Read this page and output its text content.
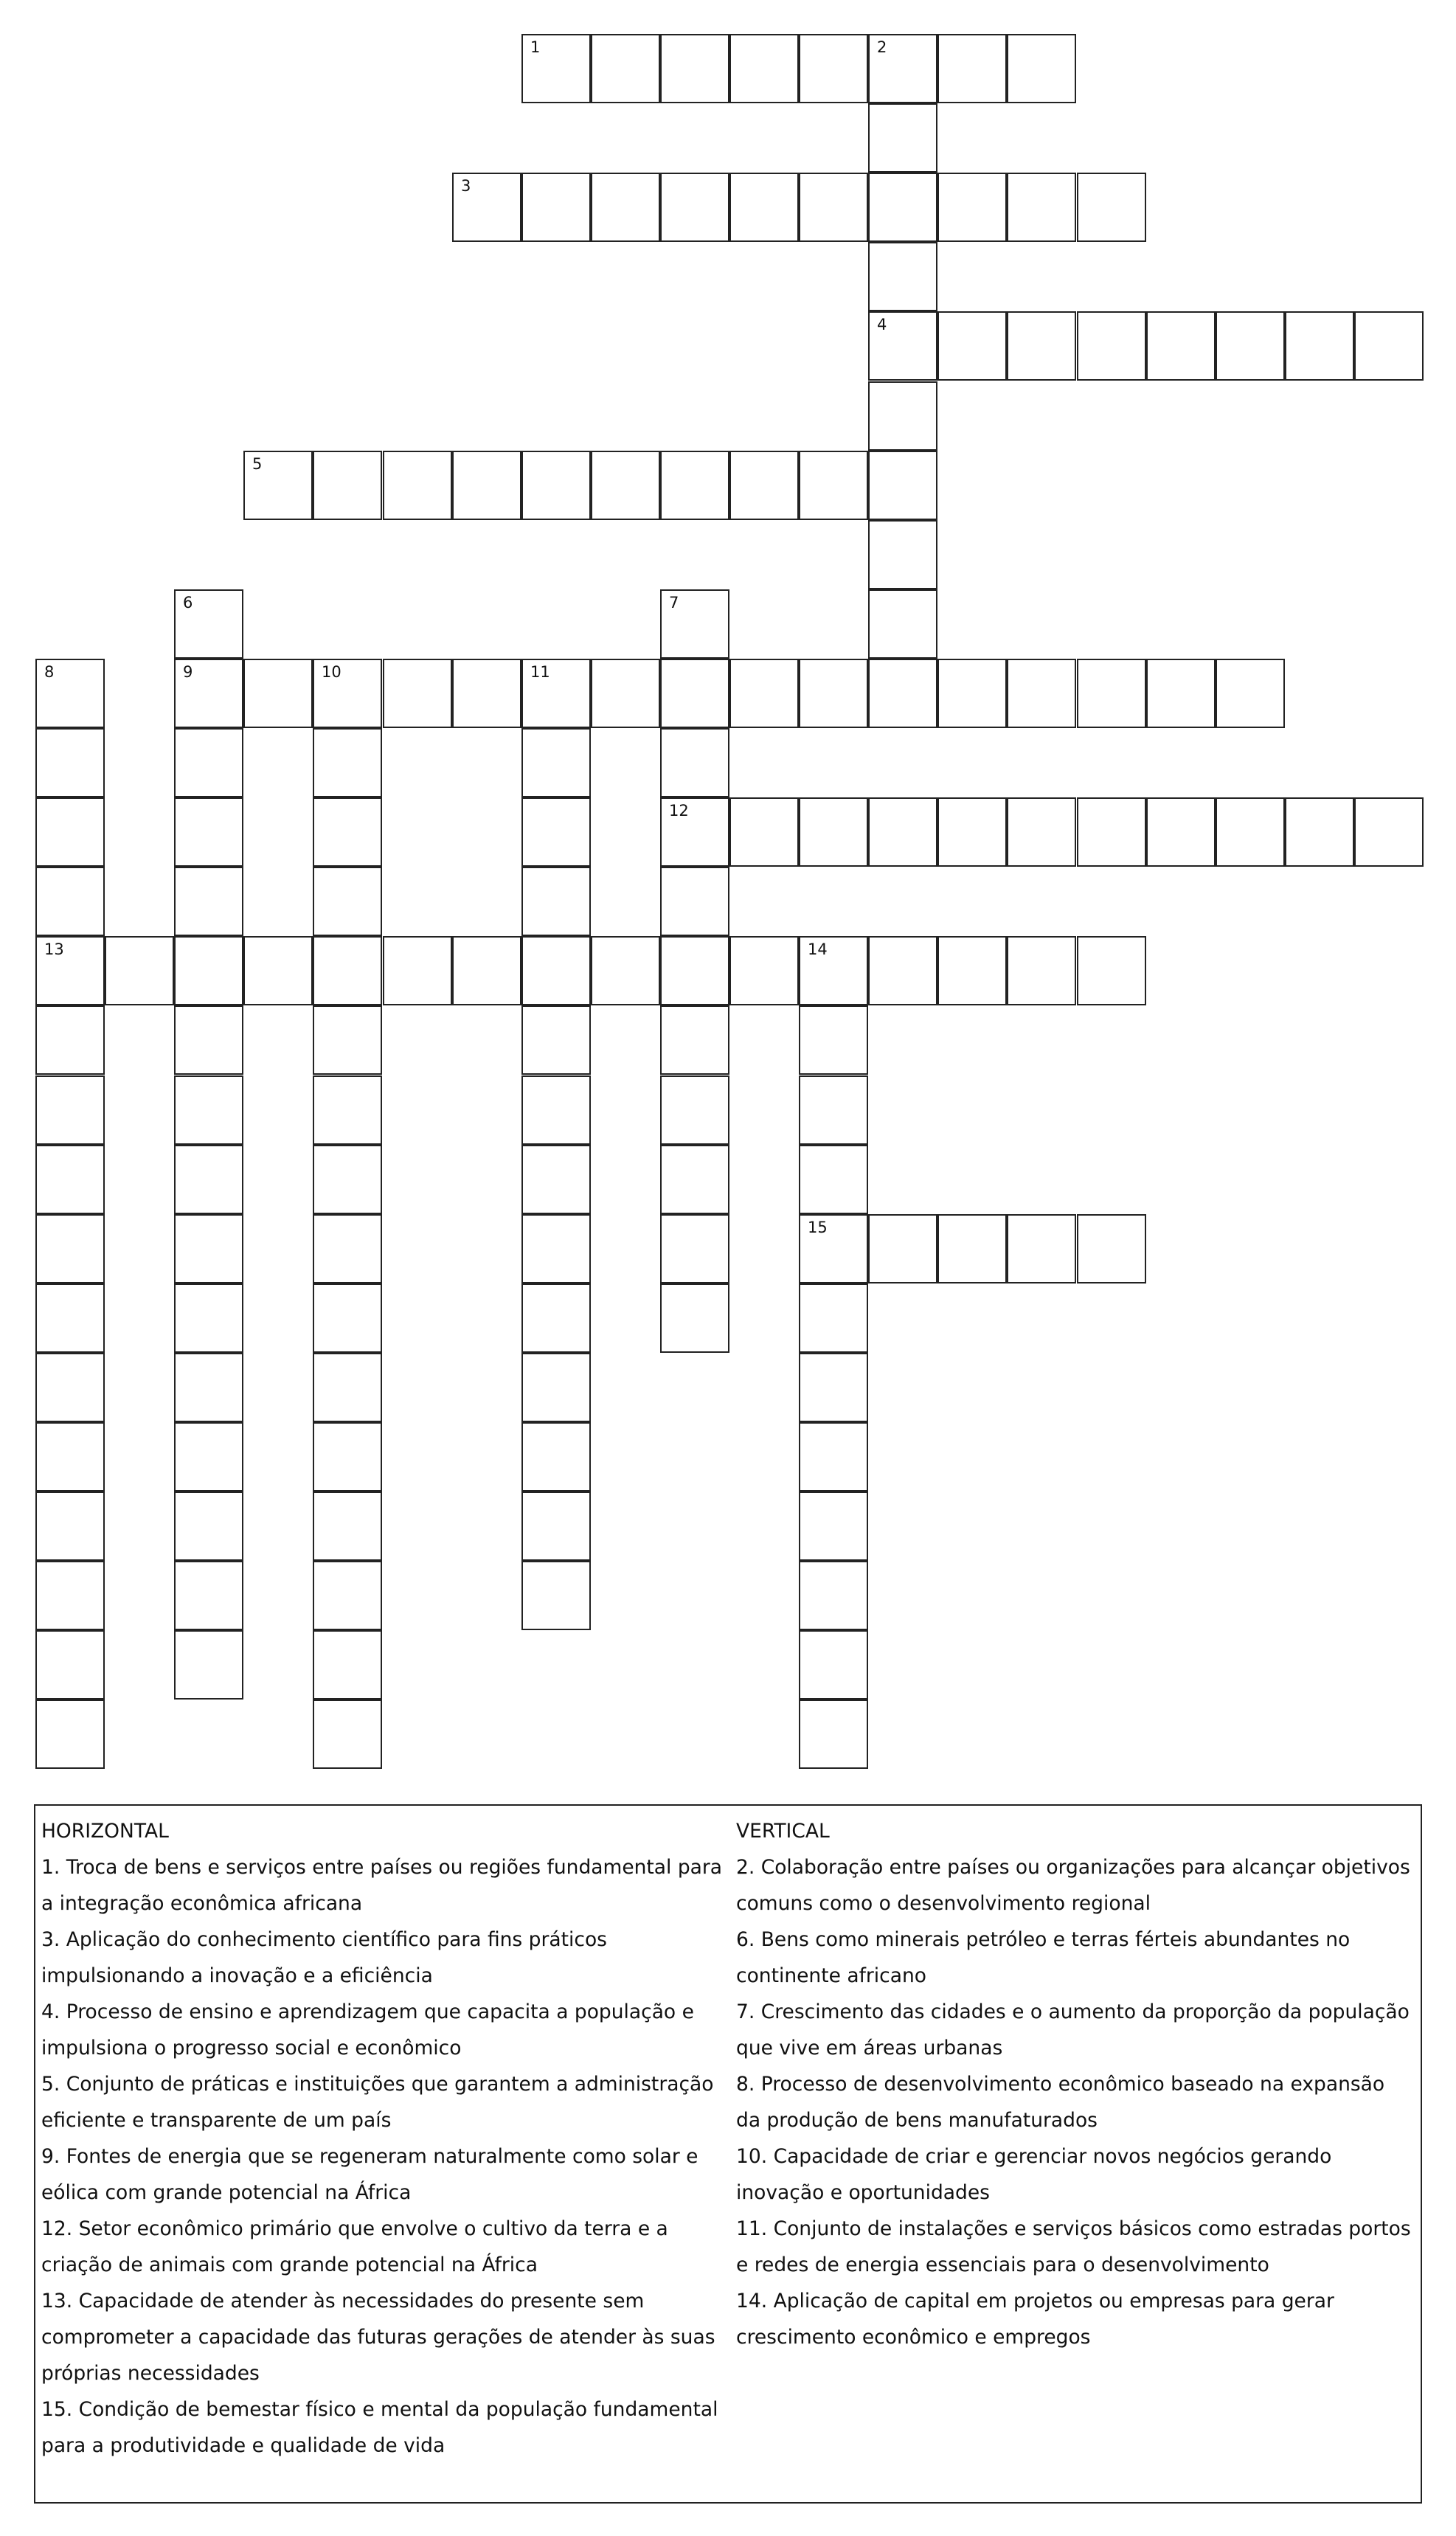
1	2
3
4
5
6	7
8	9	10	11
12
13	14
15
HORIZONTAL
1. Troca de bens e serviços entre países ou regiões fundamental para a integração econômica africana
3. Aplicação do conhecimento científico para fins práticos impulsionando a inovação e a eficiência
4. Processo de ensino e aprendizagem que capacita a população e impulsiona o progresso social e econômico
5. Conjunto de práticas e instituições que garantem a administração eficiente e transparente de um país
9. Fontes de energia que se regeneram naturalmente como solar e eólica com grande potencial na África
12. Setor econômico primário que envolve o cultivo da terra e a criação de animais com grande potencial na África
13. Capacidade de atender às necessidades do presente sem comprometer a capacidade das futuras gerações de atender às suas próprias necessidades
15. Condição de bemestar físico e mental da população fundamental para a produtividade e qualidade de vida
VERTICAL
2. Colaboração entre países ou organizações para alcançar objetivos comuns como o desenvolvimento regional
6. Bens como minerais petróleo e terras férteis abundantes no continente africano
7. Crescimento das cidades e o aumento da proporção da população que vive em áreas urbanas
8. Processo de desenvolvimento econômico baseado na expansão da produção de bens manufaturados
10. Capacidade de criar e gerenciar novos negócios gerando inovação e oportunidades
11. Conjunto de instalações e serviços básicos como estradas portos e redes de energia essenciais para o desenvolvimento
14. Aplicação de capital em projetos ou empresas para gerar crescimento econômico e empregos
